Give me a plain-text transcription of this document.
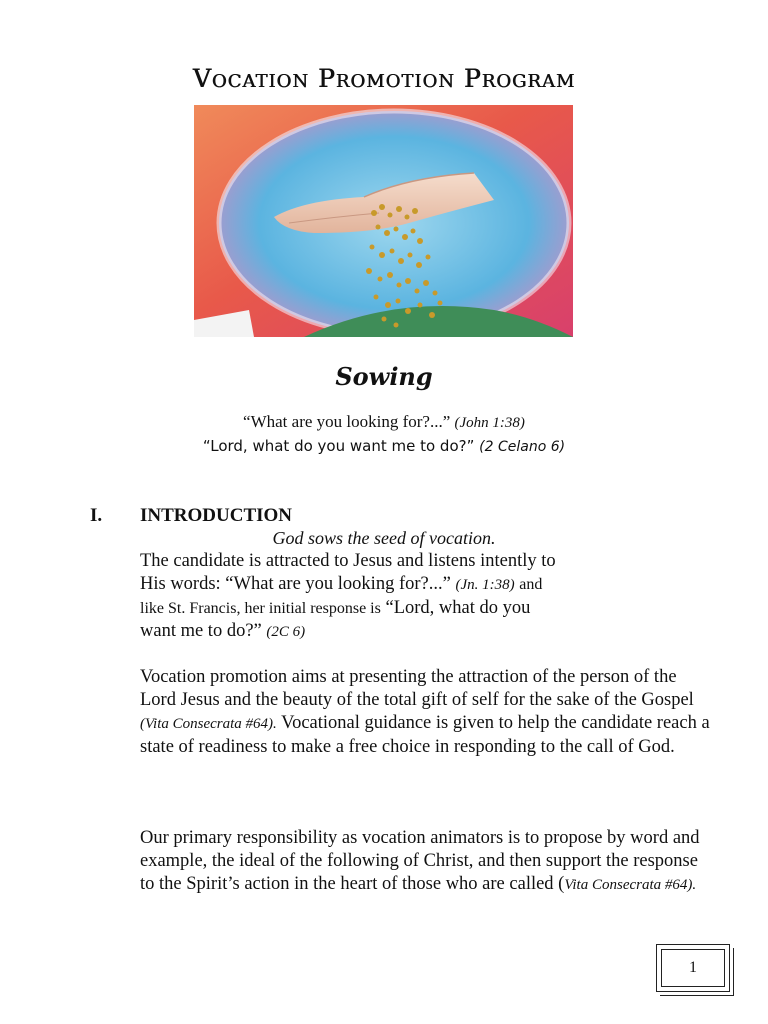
Vocation Promotion Program
Sowing
“What are you looking for?...” (John 1:38)
“Lord, what do you want me to do?” (2 Celano 6)
I. INTRODUCTION
God sows the seed of vocation.
The candidate is attracted to Jesus and listens intently to
His words: “What are you looking for?...” (Jn. 1:38) and
like St. Francis, her initial response is “Lord, what do you
want me to do?” (2C 6)
Vocation promotion aims at presenting the attraction of the person of the Lord Jesus and the beauty of the total gift of self for the sake of the Gospel (Vita Consecrata #64). Vocational guidance is given to help the candidate reach a state of readiness to make a free choice in responding to the call of God.
Our primary responsibility as vocation animators is to propose by word and example, the ideal of the following of Christ, and then support the response to the Spirit’s action in the heart of those who are called (Vita Consecrata #64).
1
